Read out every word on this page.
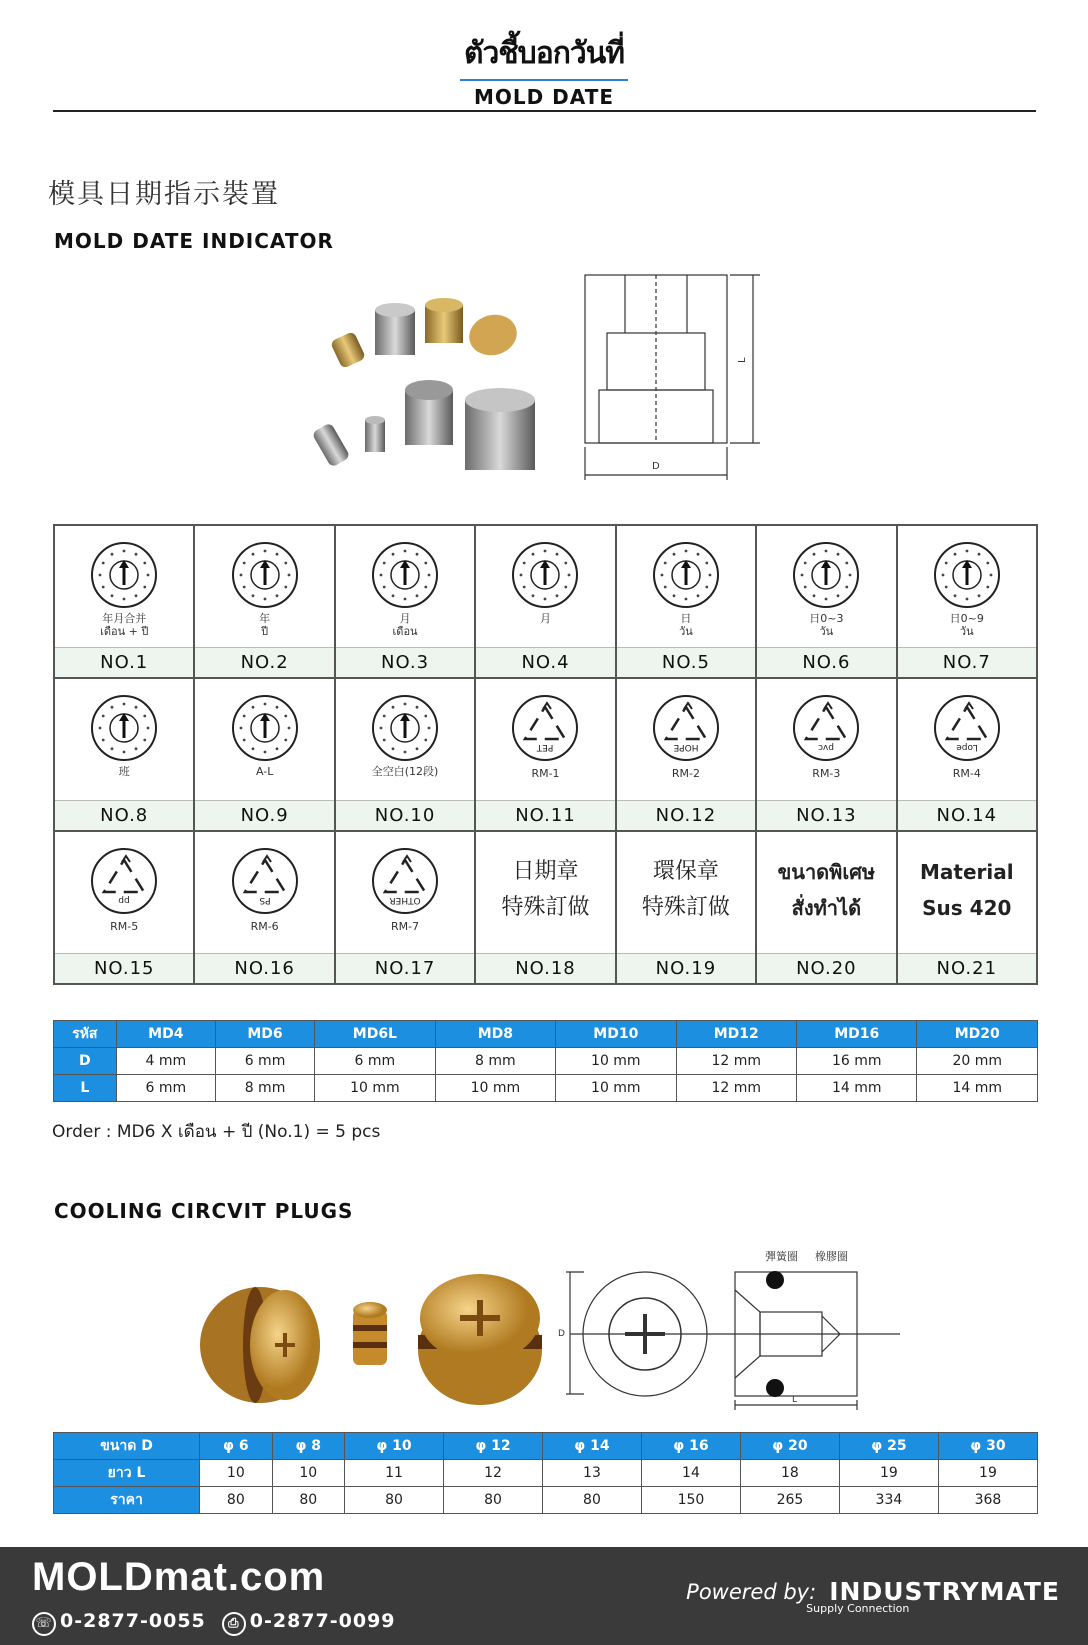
ตัวชี้บอกวันที่
MOLD DATE
模具日期指示裝置
MOLD DATE INDICATOR
L
D
年月合并
เดือน + ปี
NO.1
年
ปี
NO.2
月
เดือน
NO.3
月
NO.4
日
วัน
NO.5
日0~3
วัน
NO.6
日0~9
วัน
NO.7
班
NO.8
A-L
NO.9
全空白(12段)
NO.10
PET
RM-1
NO.11
HOPE
RM-2
NO.12
pvc
RM-3
NO.13
Lope
RM-4
NO.14
pp
RM-5
NO.15
PS
RM-6
NO.16
OTHER
RM-7
NO.17
日期章
特殊訂做
NO.18
環保章
特殊訂做
NO.19
ขนาดพิเศษ
สั่งทำได้
NO.20
Material
Sus 420
NO.21
รหัส	MD4	MD6	MD6L	MD8	MD10	MD12	MD16	MD20
D	4 mm	6 mm	6 mm	8 mm	10 mm	12 mm	16 mm	20 mm
L	6 mm	8 mm	10 mm	10 mm	10 mm	12 mm	14 mm	14 mm
Order : MD6 X เดือน + ปี (No.1) = 5 pcs
COOLING CIRCVIT PLUGS
彈簧圈 橡膠圈
D
L
ขนาด D	φ 6	φ 8	φ 10	φ 12	φ 14	φ 16	φ 20	φ 25	φ 30
ยาว L	10	10	11	12	13	14	18	19	19
ราคา	80	80	80	80	80	150	265	334	368
MOLDmat.com
☏ 0-2877-0055	⎙ 0-2877-0099
Powered by: INDUSTRYMATE
Supply Connection
